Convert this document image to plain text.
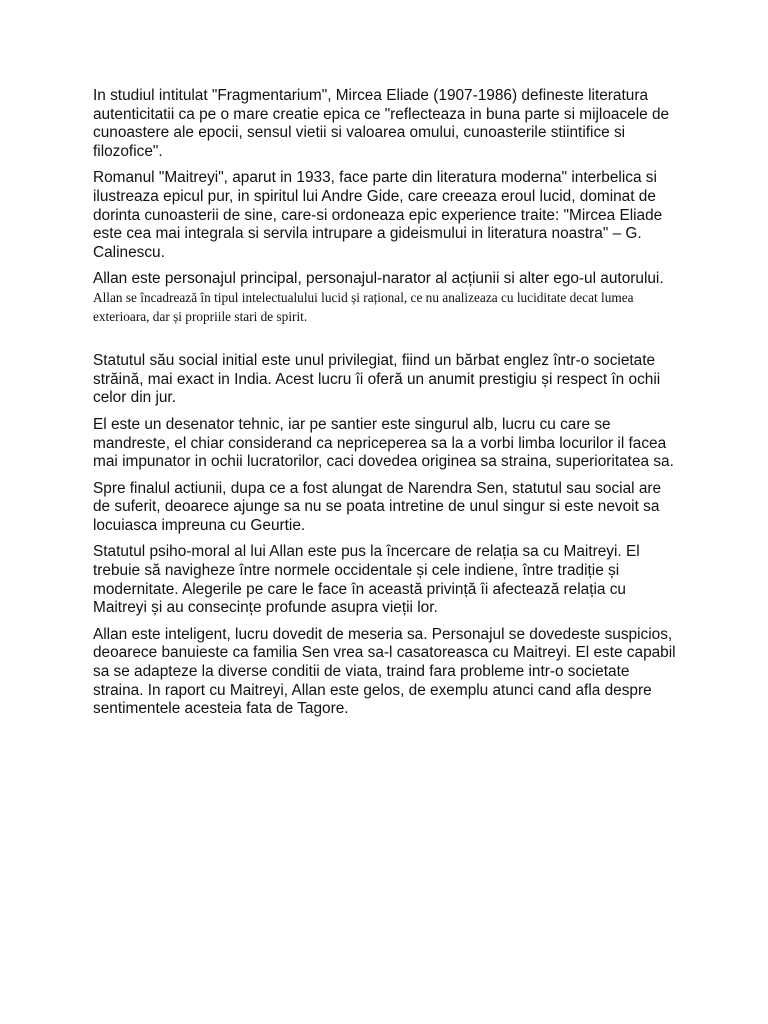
In studiul intitulat "Fragmentarium", Mircea Eliade (1907-1986) defineste literatura autenticitatii ca pe o mare creatie epica ce "reflecteaza in buna parte si mijloacele de cunoastere ale epocii, sensul vietii si valoarea omului, cunoasterile stiintifice si filozofice".

Romanul "Maitreyi", aparut in 1933, face parte din literatura moderna" interbelica si ilustreaza epicul pur, in spiritul lui Andre Gide, care creeaza eroul lucid, dominat de dorinta cunoasterii de sine, care-si ordoneaza epic experience traite: "Mircea Eliade este cea mai integrala si servila intrupare a gideismului in literatura noastra" – G. Calinescu.

Allan este personajul principal, personajul-narator al acțiunii si alter ego-ul autorului. Allan se încadrează în tipul intelectualului lucid și rațional, ce nu analizeaza cu luciditate decat lumea exterioara, dar și propriile stari de spirit.

Statutul său social initial este unul privilegiat, fiind un bărbat englez într-o societate străină, mai exact in India. Acest lucru îi oferă un anumit prestigiu și respect în ochii celor din jur.

El este un desenator tehnic, iar pe santier este singurul alb, lucru cu care se mandreste, el chiar considerand ca nepriceperea sa la a vorbi limba locurilor il facea mai impunator in ochii lucratorilor, caci dovedea originea sa straina, superioritatea sa.

Spre finalul actiunii, dupa ce a fost alungat de Narendra Sen, statutul sau social are de suferit, deoarece ajunge sa nu se poata intretine de unul singur si este nevoit sa locuiasca impreuna cu Geurtie.

Statutul psiho-moral al lui Allan este pus la încercare de relația sa cu Maitreyi. El trebuie să navigheze între normele occidentale și cele indiene, între tradiție și modernitate. Alegerile pe care le face în această privință îi afectează relația cu Maitreyi și au consecințe profunde asupra vieții lor.

Allan este inteligent, lucru dovedit de meseria sa. Personajul se dovedeste suspicios, deoarece banuieste ca familia Sen vrea sa-l casatoreasca cu Maitreyi. El este capabil sa se adapteze la diverse conditii de viata, traind fara probleme intr-o societate straina. In raport cu Maitreyi, Allan este gelos, de exemplu atunci cand afla despre sentimentele acesteia fata de Tagore.
